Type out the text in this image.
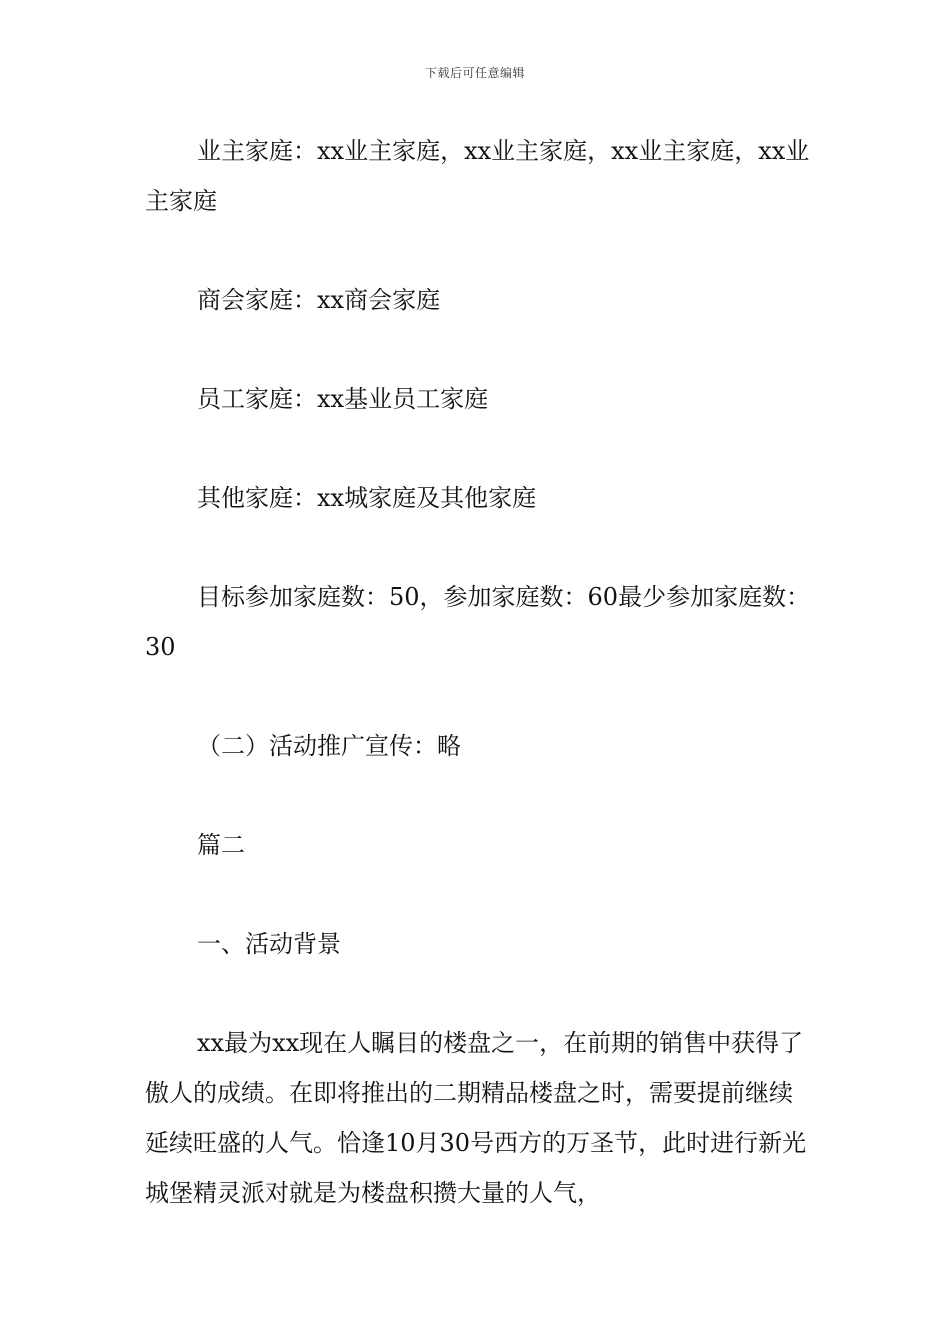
下载后可任意编辑

业主家庭：xx业主家庭，xx业主家庭，xx业主家庭，xx业主家庭

商会家庭：xx商会家庭

员工家庭：xx基业员工家庭

其他家庭：xx城家庭及其他家庭

目标参加家庭数：50，参加家庭数：60最少参加家庭数：30

（二）活动推广宣传：略

篇二

一、活动背景

xx最为xx现在人瞩目的楼盘之一，在前期的销售中获得了傲人的成绩。在即将推出的二期精品楼盘之时，需要提前继续延续旺盛的人气。恰逢10月30号西方的万圣节，此时进行新光城堡精灵派对就是为楼盘积攒大量的人气，
